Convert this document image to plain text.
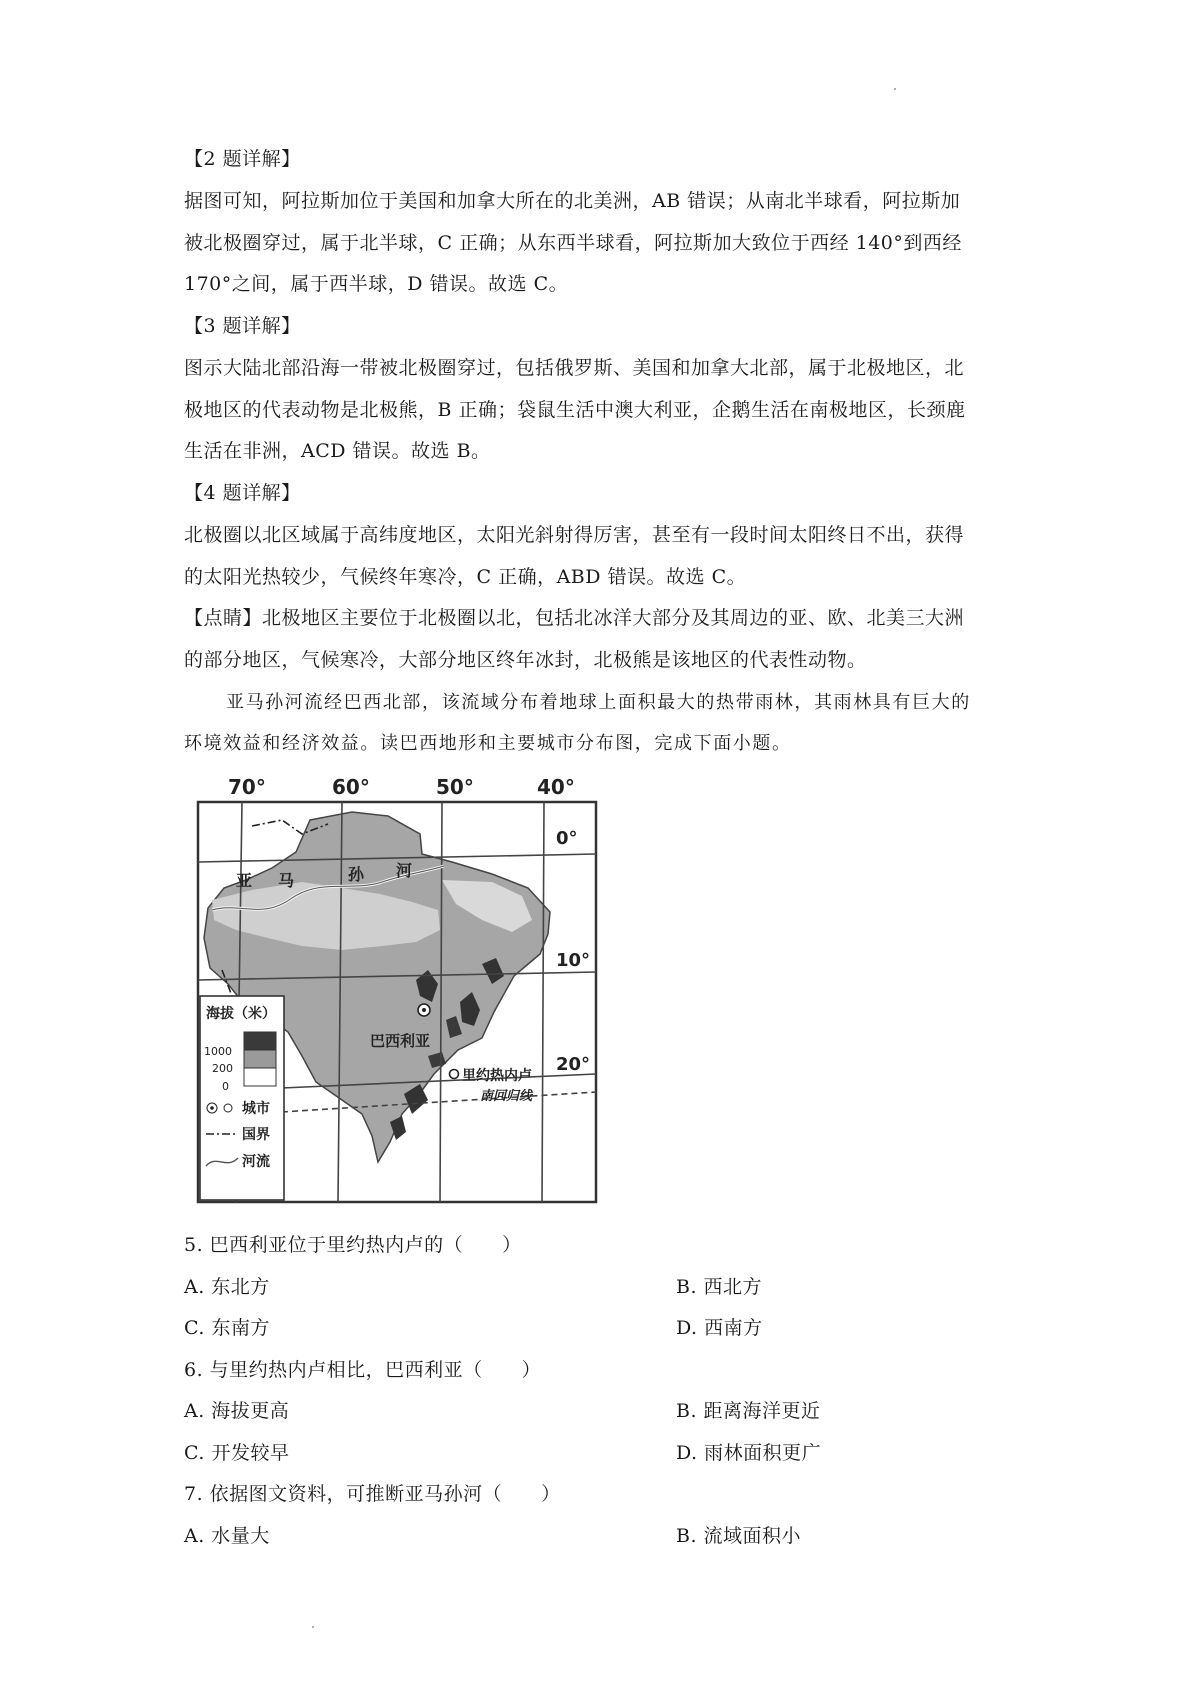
【2 题详解】
据图可知，阿拉斯加位于美国和加拿大所在的北美洲，AB 错误；从南北半球看，阿拉斯加
被北极圈穿过，属于北半球，C 正确；从东西半球看，阿拉斯加大致位于西经 140°到西经
170°之间，属于西半球，D 错误。故选 C。
【3 题详解】
图示大陆北部沿海一带被北极圈穿过，包括俄罗斯、美国和加拿大北部，属于北极地区，北
极地区的代表动物是北极熊，B 正确；袋鼠生活中澳大利亚，企鹅生活在南极地区，长颈鹿
生活在非洲，ACD 错误。故选 B。
【4 题详解】
北极圈以北区域属于高纬度地区，太阳光斜射得厉害，甚至有一段时间太阳终日不出，获得
的太阳光热较少，气候终年寒冷，C 正确，ABD 错误。故选 C。
【点睛】北极地区主要位于北极圈以北，包括北冰洋大部分及其周边的亚、欧、北美三大洲
的部分地区，气候寒冷，大部分地区终年冰封，北极熊是该地区的代表性动物。
亚马孙河流经巴西北部，该流域分布着地球上面积最大的热带雨林，其雨林具有巨大的
环境效益和经济效益。读巴西地形和主要城市分布图，完成下面小题。
70°	60°	50°	40°
亚 马	孙 河
0°
10°
20°
巴西利亚
里约热内卢
南回归线
海拔（米）
1000
200
0
城市
国界
河流
5. 巴西利亚位于里约热内卢的（　　）
A. 东北方	B. 西北方
C. 东南方	D. 西南方
6. 与里约热内卢相比，巴西利亚（　　）
A. 海拔更高	B. 距离海洋更近
C. 开发较早	D. 雨林面积更广
7. 依据图文资料，可推断亚马孙河（　　）
A. 水量大	B. 流域面积小
